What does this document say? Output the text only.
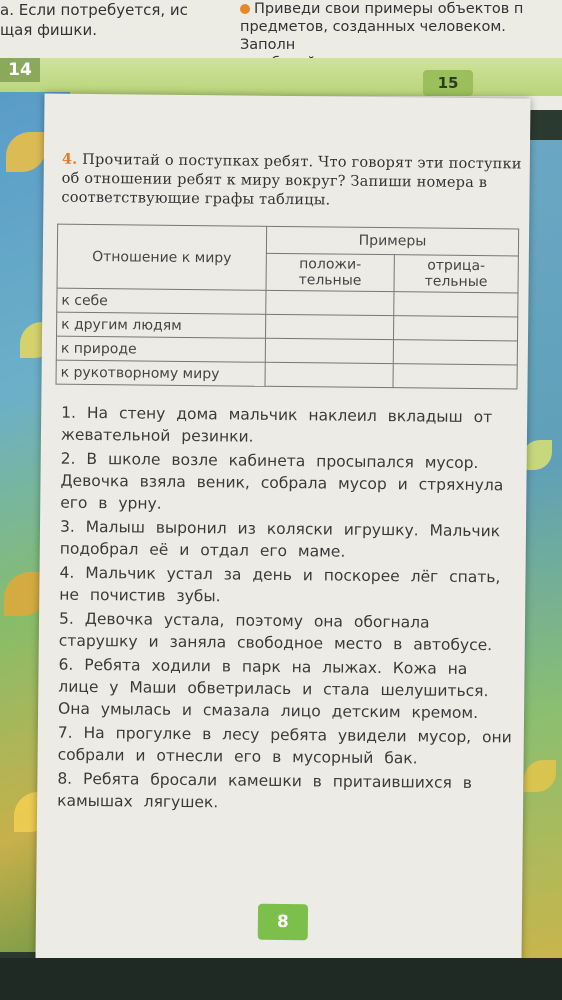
а. Если потребуется, ис
щая фишки.
Приведи свои примеры объектов п
предметов, созданных человеком. Заполн
14
15
4. Прочитай о поступках ребят. Что говорят эти поступки об отношении ребят к миру вокруг? Запиши номера в соответствующие графы таблицы.
Отношение к миру	Примеры	
	положи-тельные	отрица-тельные
к себе		
к другим людям		
к природе		
к рукотворному миру		
1. На стену дома мальчик наклеил вкладыш от жевательной резинки.
2. В школе возле кабинета просыпался мусор. Девочка взяла веник, собрала мусор и стряхнула его в урну.
3. Малыш выронил из коляски игрушку. Мальчик подобрал её и отдал его маме.
4. Мальчик устал за день и поскорее лёг спать, не почистив зубы.
5. Девочка устала, поэтому она обогнала старушку и заняла свободное место в автобусе.
6. Ребята ходили в парк на лыжах. Кожа на лице у Маши обветрилась и стала шелушиться. Она умылась и смазала лицо детским кремом.
7. На прогулке в лесу ребята увидели мусор, они собрали и отнесли его в мусорный бак.
8. Ребята бросали камешки в притаившихся в камышах лягушек.
8
